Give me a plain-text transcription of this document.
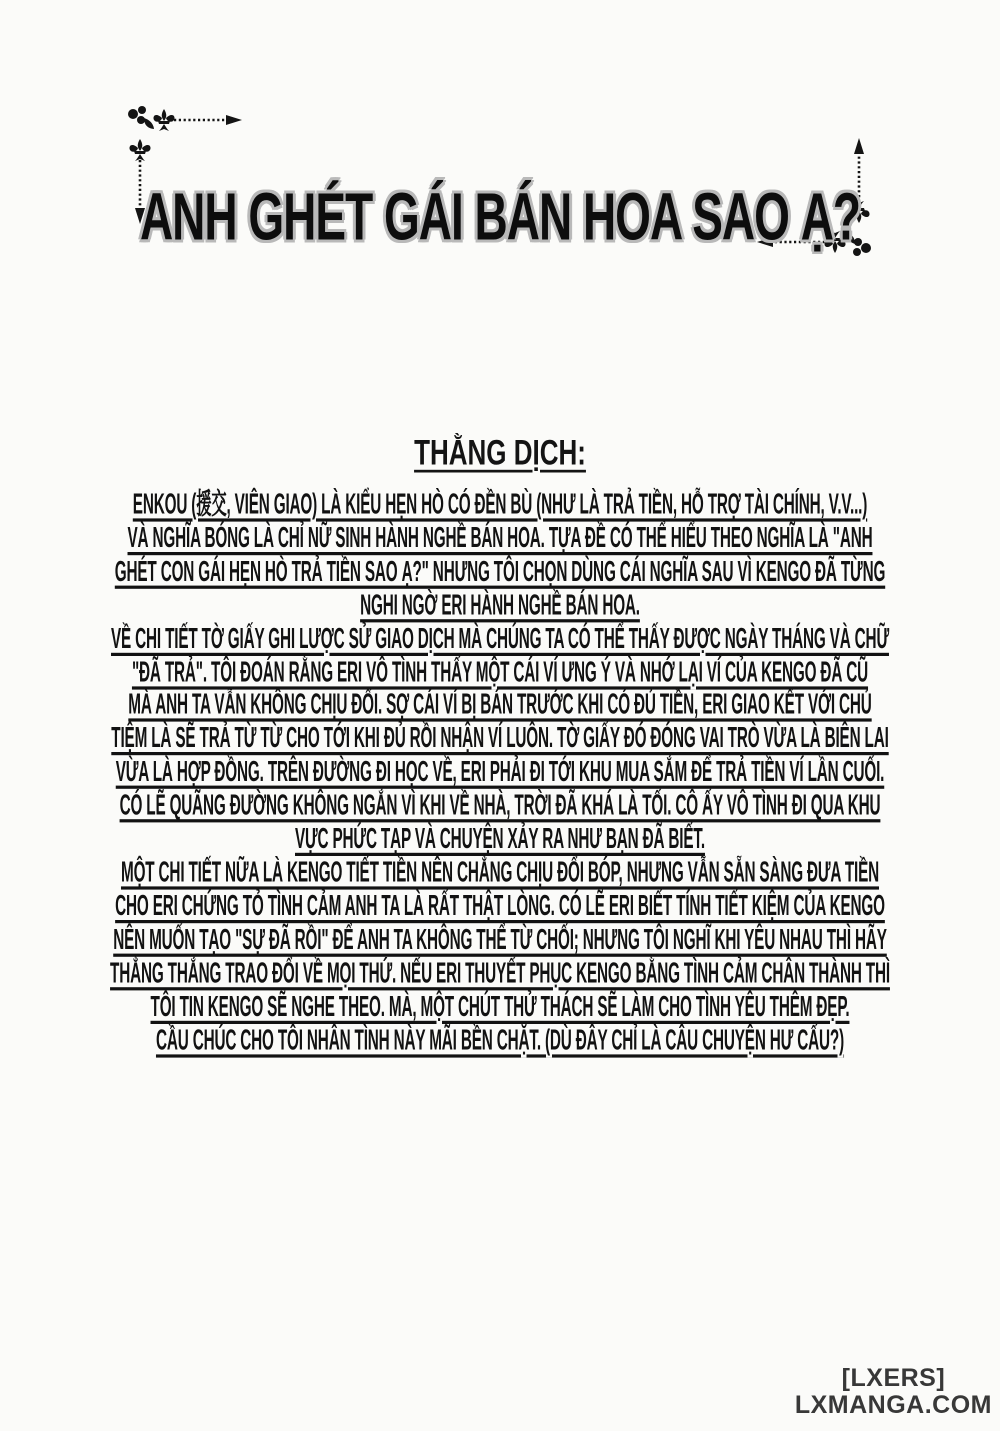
ANH GHÉT GÁI BÁN HOA SAO Ạ?
THẰNG DỊCH:
ENKOU (援交, VIÊN GIAO) LÀ KIỂU HẸN HÒ CÓ ĐỀN BÙ (NHƯ LÀ TRẢ TIỀN, HỖ TRỢ TÀI CHÍNH, V.V...)
VÀ NGHĨA BÓNG LÀ CHỈ NỮ SINH HÀNH NGHỀ BÁN HOA. TỰA ĐỀ CÓ THỂ HIỂU THEO NGHĨA LÀ "ANH
GHÉT CON GÁI HẸN HÒ TRẢ TIỀN SAO Ạ?" NHƯNG TÔI CHỌN DÙNG CÁI NGHĨA SAU VÌ KENGO ĐÃ TỪNG
NGHI NGỜ ERI HÀNH NGHỀ BÁN HOA.
VỀ CHI TIẾT TỜ GIẤY GHI LƯỢC SỬ GIAO DỊCH MÀ CHÚNG TA CÓ THỂ THẤY ĐƯỢC NGÀY THÁNG VÀ CHỮ
"ĐÃ TRẢ". TÔI ĐOÁN RẰNG ERI VÔ TÌNH THẤY MỘT CÁI VÍ ƯNG Ý VÀ NHỚ LẠI VÍ CỦA KENGO ĐÃ CŨ
MÀ ANH TA VẪN KHÔNG CHỊU ĐỔI. SỢ CÁI VÍ BỊ BÁN TRƯỚC KHI CÓ ĐỦ TIỀN, ERI GIAO KẾT VỚI CHỦ
TIỆM LÀ SẼ TRẢ TỪ TỪ CHO TỚI KHI ĐỦ RỒI NHẬN VÍ LUÔN. TỜ GIẤY ĐÓ ĐÓNG VAI TRÒ VỪA LÀ BIÊN LAI
VỪA LÀ HỢP ĐỒNG. TRÊN ĐƯỜNG ĐI HỌC VỀ, ERI PHẢI ĐI TỚI KHU MUA SẮM ĐỂ TRẢ TIỀN VÍ LẦN CUỐI.
CÓ LẼ QUÃNG ĐƯỜNG KHÔNG NGẮN VÌ KHI VỀ NHÀ, TRỜI ĐÃ KHÁ LÀ TỐI. CÔ ẤY VÔ TÌNH ĐI QUA KHU
VỰC PHỨC TẠP VÀ CHUYỆN XẢY RA NHƯ BẠN ĐÃ BIẾT.
MỘT CHI TIẾT NỮA LÀ KENGO TIẾT TIỀN NÊN CHẲNG CHỊU ĐỔI BÓP, NHƯNG VẪN SẴN SÀNG ĐƯA TIỀN
CHO ERI CHỨNG TỎ TÌNH CẢM ANH TA LÀ RẤT THẬT LÒNG. CÓ LẼ ERI BIẾT TÍNH TIẾT KIỆM CỦA KENGO
NÊN MUỐN TẠO "SỰ ĐÃ RỒI" ĐỂ ANH TA KHÔNG THỂ TỪ CHỐI; NHƯNG TÔI NGHĨ KHI YÊU NHAU THÌ HÃY
THẲNG THẮNG TRAO ĐỔI VỀ MỌI THỨ. NẾU ERI THUYẾT PHỤC KENGO BẰNG TÌNH CẢM CHÂN THÀNH THÌ
TÔI TIN KENGO SẼ NGHE THEO. MÀ, MỘT CHÚT THỬ THÁCH SẼ LÀM CHO TÌNH YÊU THÊM ĐẸP.
CẦU CHÚC CHO TÔI NHÂN TÌNH NÀY MÃI BỀN CHẶT. (DÙ ĐÂY CHỈ LÀ CÂU CHUYỆN HƯ CẤU?)
[LXERS]
LXMANGA.COM
